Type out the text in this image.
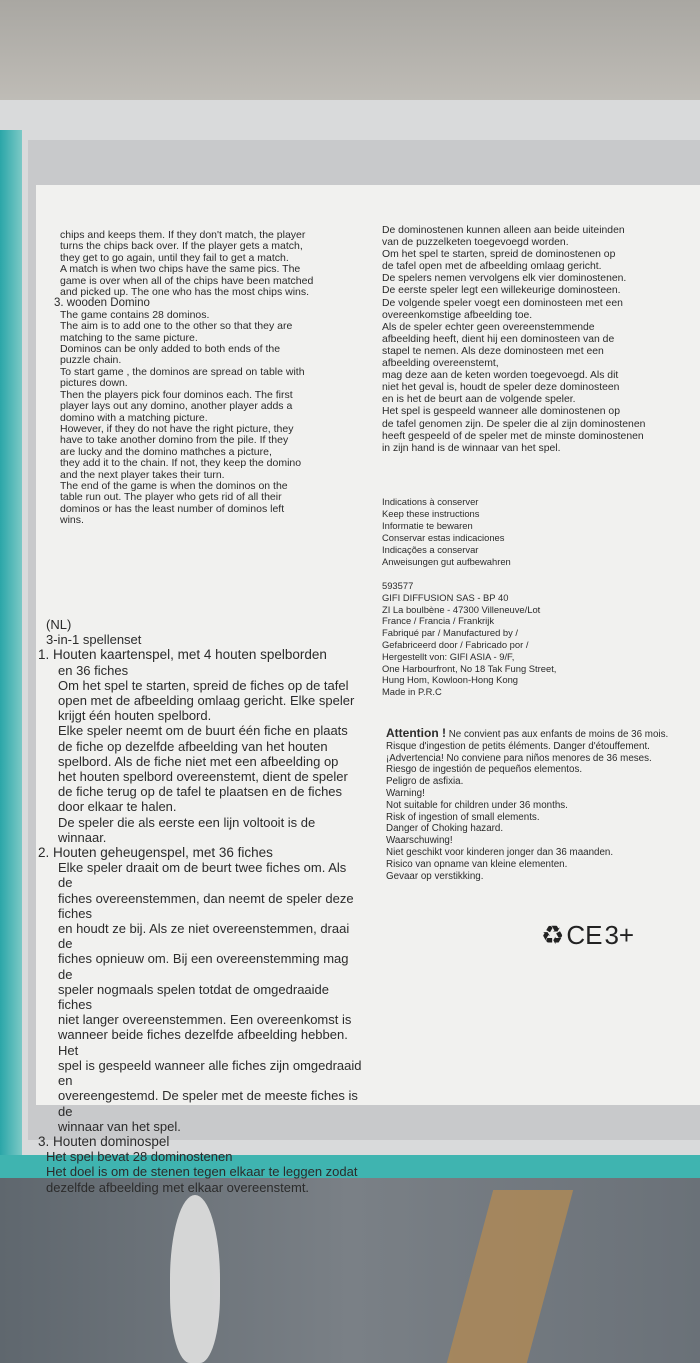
chips and keeps them. If they don't match, the player

turns the chips back over. If the player gets a match,

they get to go again, until they fail to get a match.

A match is when two chips have the same pics. The

game is over when all of the chips have been matched

and picked up. The one who has the most chips wins.

3. wooden Domino

The game contains 28 dominos.

The aim is to add one to the other so that they are

matching to the same picture.

Dominos can be only added to both ends of the

puzzle chain.

To start game , the dominos are spread on table with

pictures down.

Then the players pick four dominos each. The first

player lays out any domino, another player adds a

domino with a matching picture.

However, if they do not have the right picture, they

have to take another domino from the pile. If they

are lucky and the domino mathches a picture,

they add it to the chain. If not, they keep the domino

and the next player takes their turn.

The end of the game is when the dominos on the

table run out. The player who gets rid of all their

dominos or has the least number of dominos left

wins.

(NL)

3-in-1 spellenset

1. Houten kaartenspel, met 4 houten spelborden

en 36 fiches

Om het spel te starten, spreid de fiches op de tafel

open met de afbeelding omlaag gericht. Elke speler

krijgt één houten spelbord.

Elke speler neemt om de buurt één fiche en plaats

de fiche op dezelfde afbeelding van het houten

spelbord. Als de fiche niet met een afbeelding op

het houten spelbord overeenstemt, dient de speler

de fiche terug op de tafel te plaatsen en de fiches

door elkaar te halen.

De speler die als eerste een lijn voltooit is de winnaar.

2. Houten geheugenspel, met 36 fiches

Elke speler draait om de beurt twee fiches om. Als de

fiches overeenstemmen, dan neemt de speler deze fiches

en houdt ze bij. Als ze niet overeenstemmen, draai de

fiches opnieuw om. Bij een overeenstemming mag de

speler nogmaals spelen totdat de omgedraaide fiches

niet langer overeenstemmen. Een overeenkomst is

wanneer beide fiches dezelfde afbeelding hebben. Het

spel is gespeeld wanneer alle fiches zijn omgedraaid en

overeengestemd. De speler met de meeste fiches is de

winnaar van het spel.

3. Houten dominospel

Het spel bevat 28 dominostenen

Het doel is om de stenen tegen elkaar te leggen zodat

dezelfde afbeelding met elkaar overeenstemt.

De dominostenen kunnen alleen aan beide uiteinden

van de puzzelketen toegevoegd worden.

Om het spel te starten, spreid de dominostenen op

de tafel open met de afbeelding omlaag gericht.

De spelers nemen vervolgens elk vier dominostenen.

De eerste speler legt een willekeurige dominosteen.

De volgende speler voegt een dominosteen met een

overeenkomstige afbeelding toe.

Als de speler echter geen overeenstemmende

afbeelding heeft, dient hij een dominosteen van de

stapel te nemen. Als deze dominosteen met een

afbeelding overeenstemt,

mag deze aan de keten worden toegevoegd. Als dit

niet het geval is, houdt de speler deze dominosteen

en is het de beurt aan de volgende speler.

Het spel is gespeeld wanneer alle dominostenen op

de tafel genomen zijn. De speler die al zijn dominostenen

heeft gespeeld of de speler met de minste dominostenen

in zijn hand is de winnaar van het spel.

Indications à conserver

Keep these instructions

Informatie te bewaren

Conservar estas indicaciones

Indicações a conservar

Anweisungen gut aufbewahren

593577

GIFI DIFFUSION SAS - BP 40

ZI La boulbène - 47300 Villeneuve/Lot

France / Francia / Frankrijk

Fabriqué par / Manufactured by /

Gefabriceerd door / Fabricado por /

Hergestellt von: GIFI ASIA - 9/F,

One Harbourfront, No 18 Tak Fung Street,

Hung Hom, Kowloon-Hong Kong

Made in P.R.C

Attention ! Ne convient pas aux enfants de moins de 36 mois.

Risque d'ingestion de petits éléments. Danger d'étouffement.

¡Advertencia! No conviene para niños menores de 36 meses.

Riesgo de ingestión de pequeños elementos.

Peligro de asfixia.

Warning!

Not suitable for children under 36 months.

Risk of ingestion of small elements.

Danger of Choking hazard.

Waarschuwing!

Niet geschikt voor kinderen jonger dan 36 maanden.

Risico van opname van kleine elementen.

Gevaar op verstikking.

♻CE3+
